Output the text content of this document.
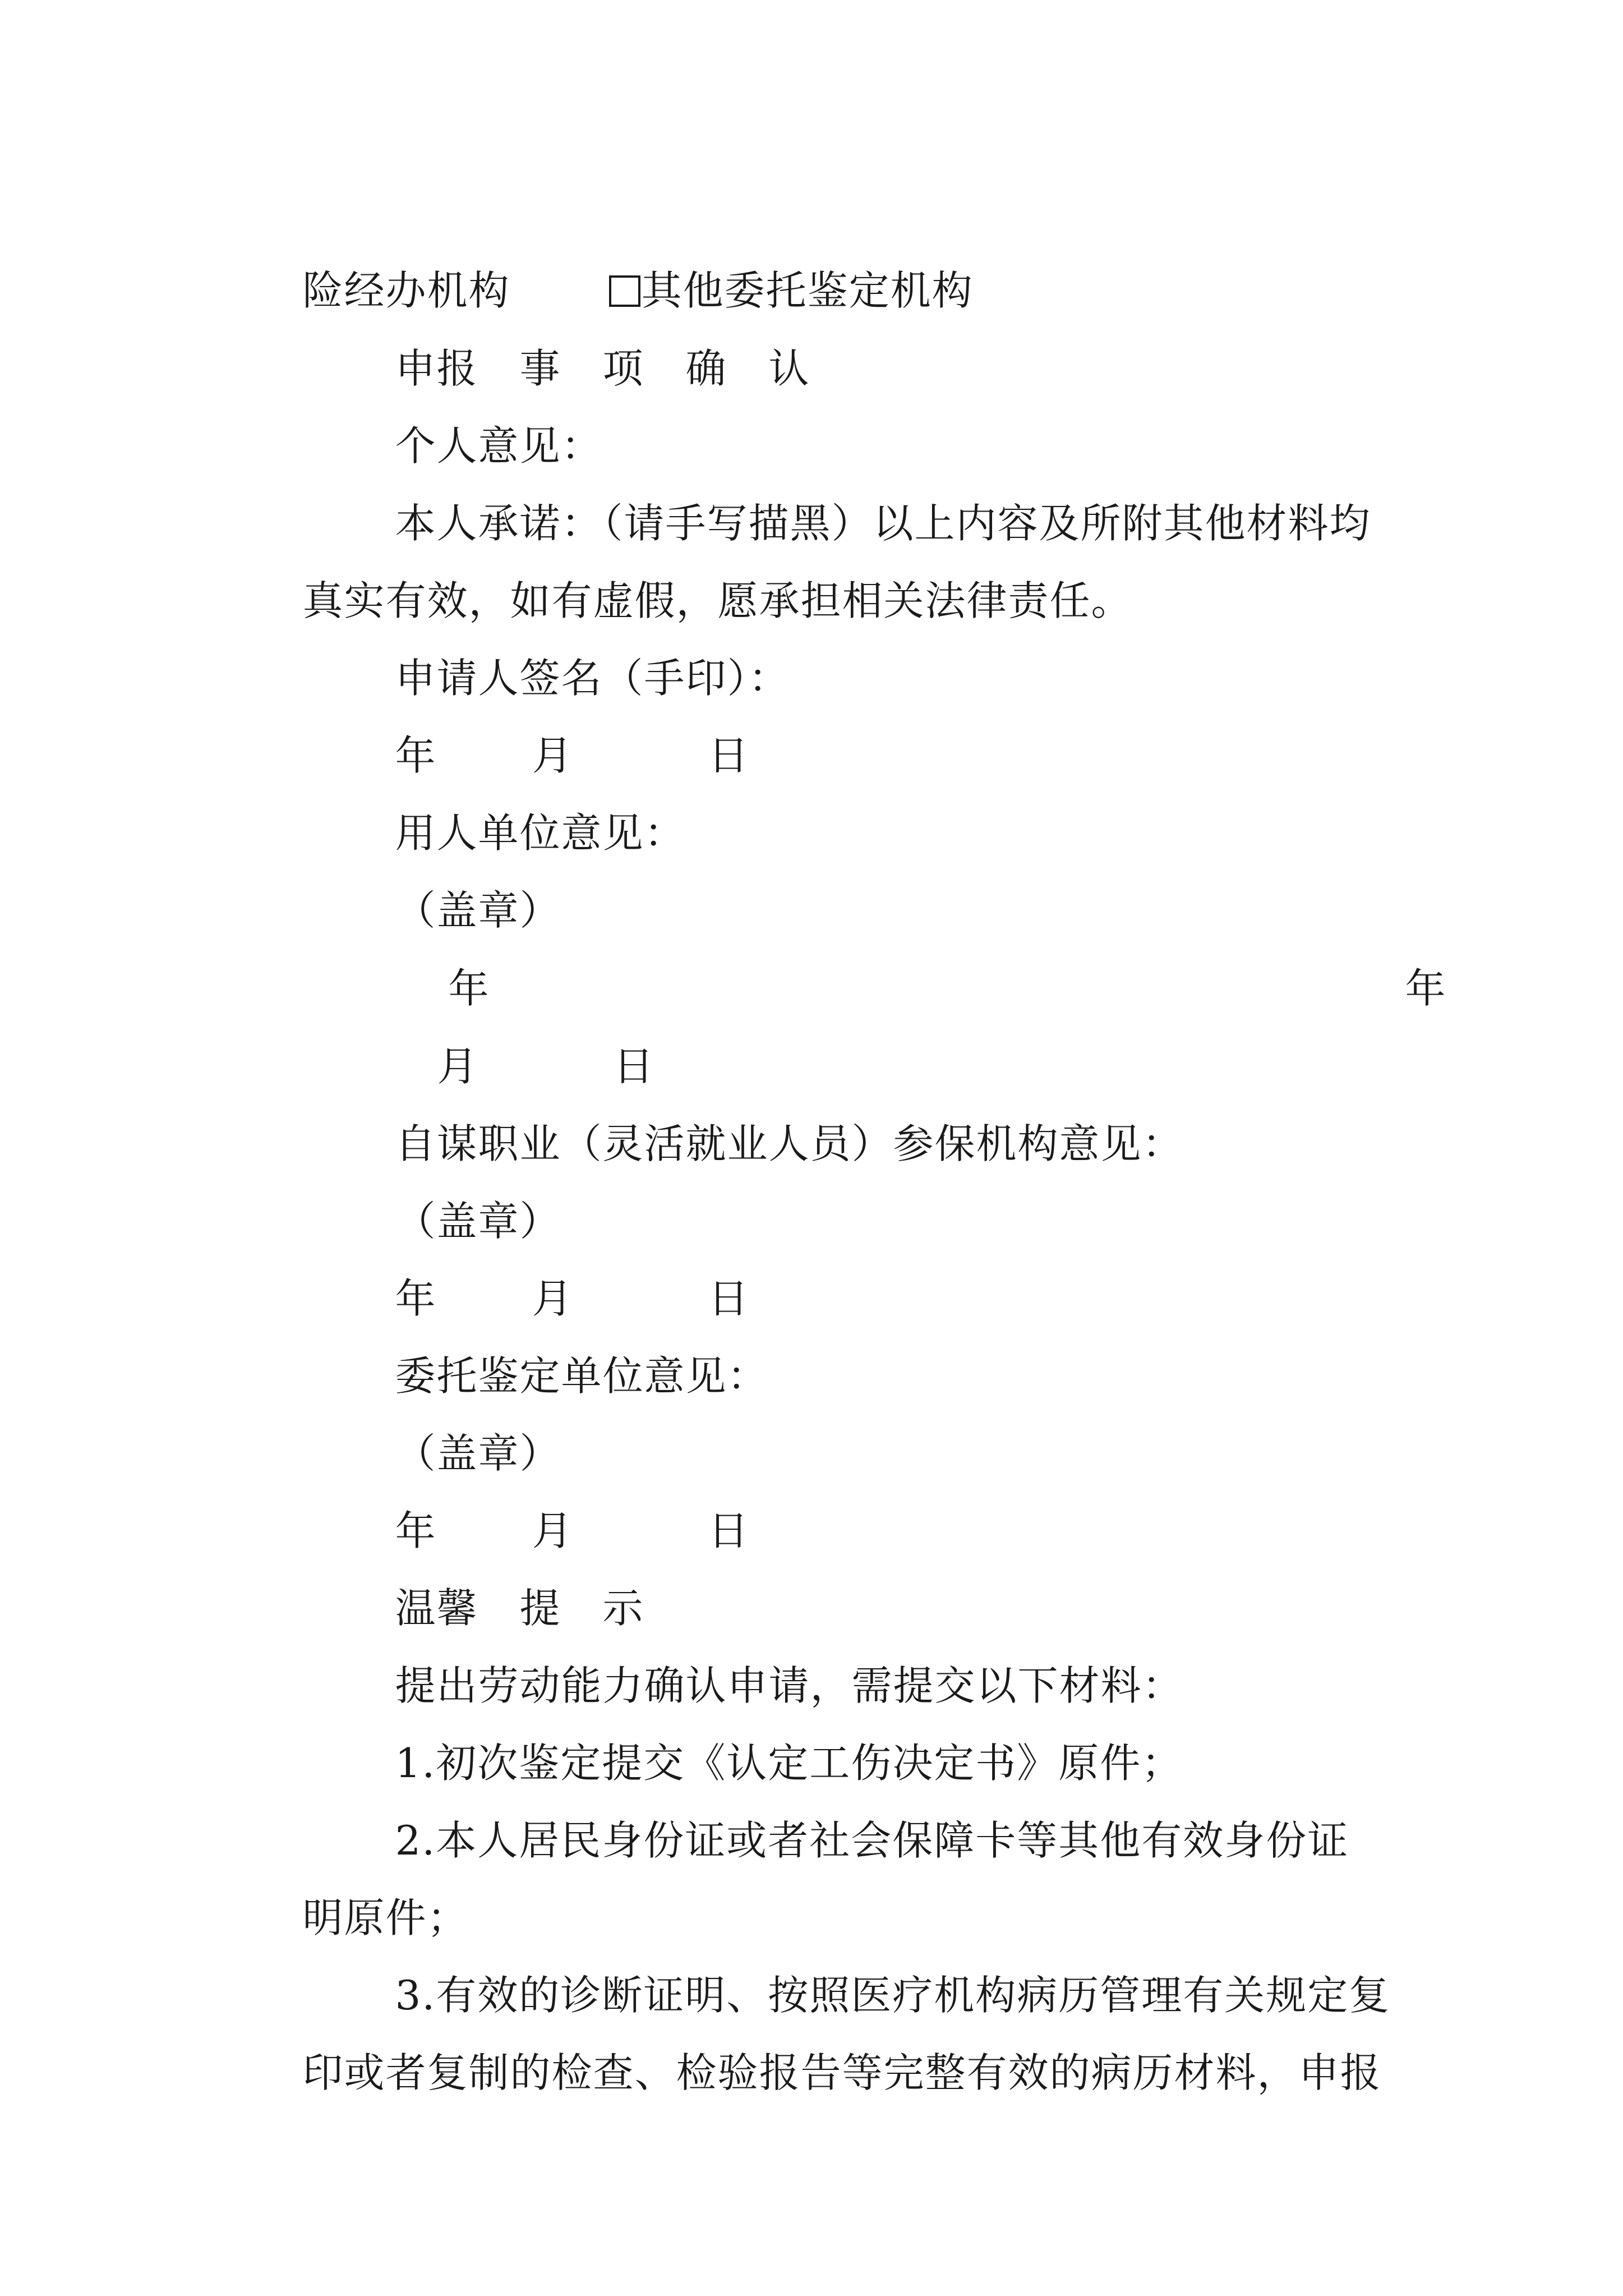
险经办机构	其他委托鉴定机构

申报　事　项　确　认

个人意见：

本人承诺：（请手写描黑）以上内容及所附其他材料均

真实有效，如有虚假，愿承担相关法律责任。

申请人签名（手印）：

年 月	日

用人单位意见：

（盖章）

年
	年

月	日

自谋职业（灵活就业人员）参保机构意见：

（盖章）

年 月	日

委托鉴定单位意见：

（盖章）

年 月	日

温馨　提　示

提出劳动能力确认申请，需提交以下材料：

1.初次鉴定提交《认定工伤决定书》原件；

2.本人居民身份证或者社会保障卡等其他有效身份证

明原件；

3.有效的诊断证明、按照医疗机构病历管理有关规定复

印或者复制的检查、检验报告等完整有效的病历材料，申报
